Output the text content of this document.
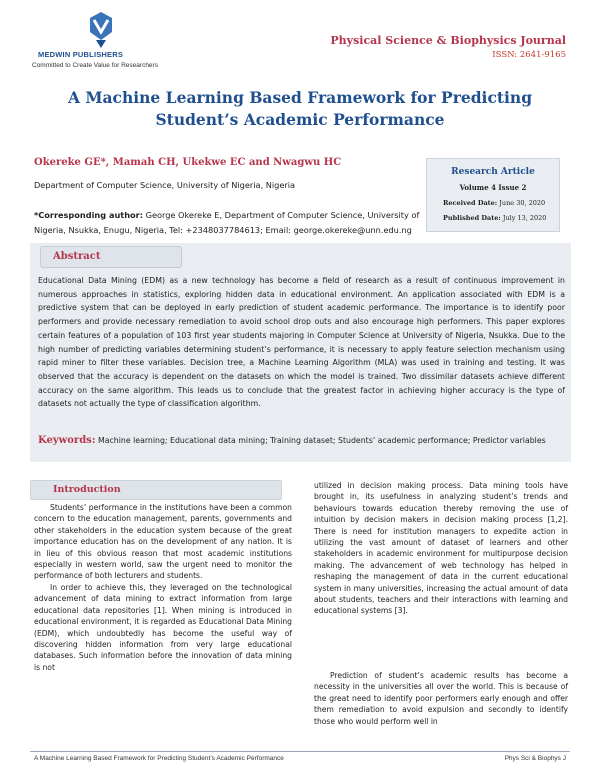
MEDWIN PUBLISHERS
Committed to Create Value for Researchers
Physical Science & Biophysics Journal
ISSN: 2641-9165
A Machine Learning Based Framework for Predicting Student’s Academic Performance
Okereke GE*, Mamah CH, Ukekwe EC and Nwagwu HC
Department of Computer Science, University of Nigeria, Nigeria
Research Article
Volume 4 Issue 2
Received Date: June 30, 2020
Published Date: July 13, 2020
*Corresponding author: George Okereke E, Department of Computer Science, University of Nigeria, Nsukka, Enugu, Nigeria, Tel: +2348037784613; Email: george.okereke@unn.edu.ng
Abstract
Educational Data Mining (EDM) as a new technology has become a field of research as a result of continuous improvement in numerous approaches in statistics, exploring hidden data in educational environment. An application associated with EDM is a predictive system that can be deployed in early prediction of student academic performance. The importance is to identify poor performers and provide necessary remediation to avoid school drop outs and also encourage high performers. This paper explores certain features of a population of 103 first year students majoring in Computer Science at University of Nigeria, Nsukka. Due to the high number of predicting variables determining student’s performance, it is necessary to apply feature selection mechanism using rapid miner to filter these variables. Decision tree, a Machine Learning Algorithm (MLA) was used in training and testing. It was observed that the accuracy is dependent on the datasets on which the model is trained. Two dissimilar datasets achieve different accuracy on the same algorithm. This leads us to conclude that the greatest factor in achieving higher accuracy is the type of datasets not actually the type of classification algorithm.
Keywords: Machine learning; Educational data mining; Training dataset; Students’ academic performance; Predictor variables
Introduction
Students’ performance in the institutions have been a common concern to the education management, parents, governments and other stakeholders in the education system because of the great importance education has on the development of any nation. It is in lieu of this obvious reason that most academic institutions especially in western world, saw the urgent need to monitor the performance of both lecturers and students.
In order to achieve this, they leveraged on the technological advancement of data mining to extract information from large educational data repositories [1]. When mining is introduced in educational environment, it is regarded as Educational Data Mining (EDM), which undoubtedly has become the useful way of discovering hidden information from very large educational databases. Such information before the innovation of data mining is not
utilized in decision making process. Data mining tools have brought in, its usefulness in analyzing student’s trends and behaviours towards education thereby removing the use of intuition by decision makers in decision making process [1,2]. There is need for institution managers to expedite action in utilizing the vast amount of dataset of learners and other stakeholders in academic environment for multipurpose decision making. The advancement of web technology has helped in reshaping the management of data in the current educational system in many universities, increasing the actual amount of data about students, teachers and their interactions with learning and educational systems [3].
Prediction of student’s academic results has become a necessity in the universities all over the world. This is because of the great need to identify poor performers early enough and offer them remediation to avoid expulsion and secondly to identify those who would perform well in
A Machine Learning Based Framework for Predicting Student’s Academic Performance	Phys Sci & Biophys J
